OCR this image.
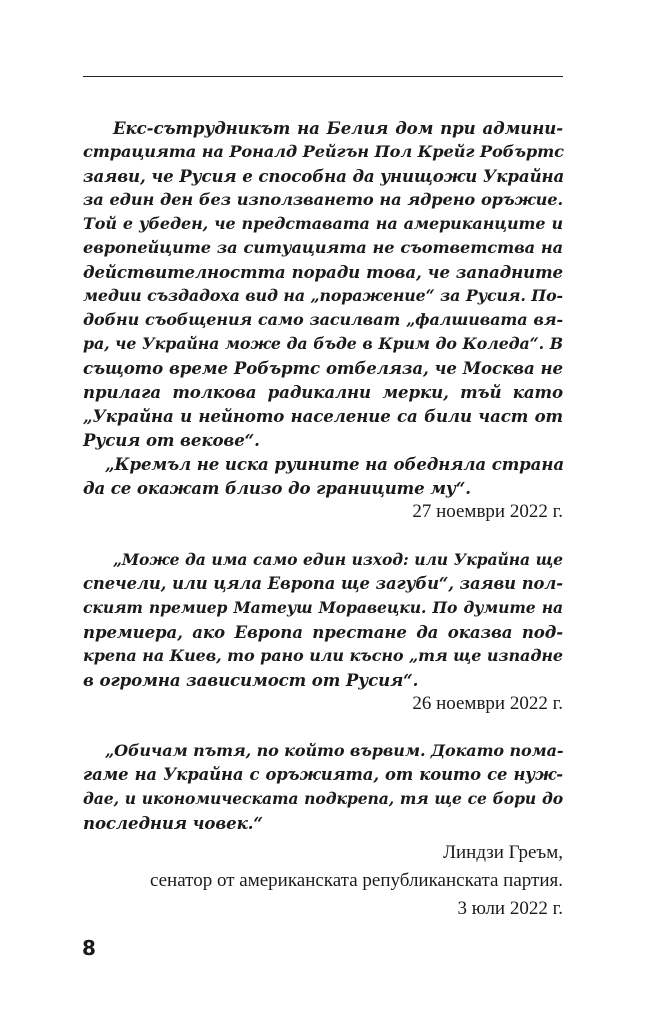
Екс-сътрудникът на Белия дом при админи-
страцията на Роналд Рейгън Пол Крейг Робъртс
заяви, че Русия е способна да унищожи Украйна
за един ден без използването на ядрено оръжие.
Той е убеден, че представата на американците и
европейците за ситуацията не съответства на
действителността поради това, че западните
медии създадоха вид на „поражение“ за Русия. По-
добни съобщения само засилват „фалшивата вя-
ра, че Украйна може да бъде в Крим до Коледа“. В
същото време Робъртс отбеляза, че Москва не
прилага толкова радикални мерки, тъй като
„Украйна и нейното население са били част от
Русия от векове“.
„Кремъл не иска руините на обедняла страна
да се окажат близо до границите му“.
27 ноември 2022 г.
„Може да има само един изход: или Украйна ще
спечели, или цяла Европа ще загуби“, заяви пол-
ският премиер Матеуш Моравецки. По думите на
премиера, ако Европа престане да оказва под-
крепа на Киев, то рано или късно „тя ще изпадне
в огромна зависимост от Русия“.
26 ноември 2022 г.
„Обичам пътя, по който вървим. Докато пома-
гаме на Украйна с оръжията, от които се нуж-
дае, и икономическата подкрепа, тя ще се бори до
последния човек.“
Линдзи Греъм,
сенатор от американската републиканската партия.
3 юли 2022 г.
8
